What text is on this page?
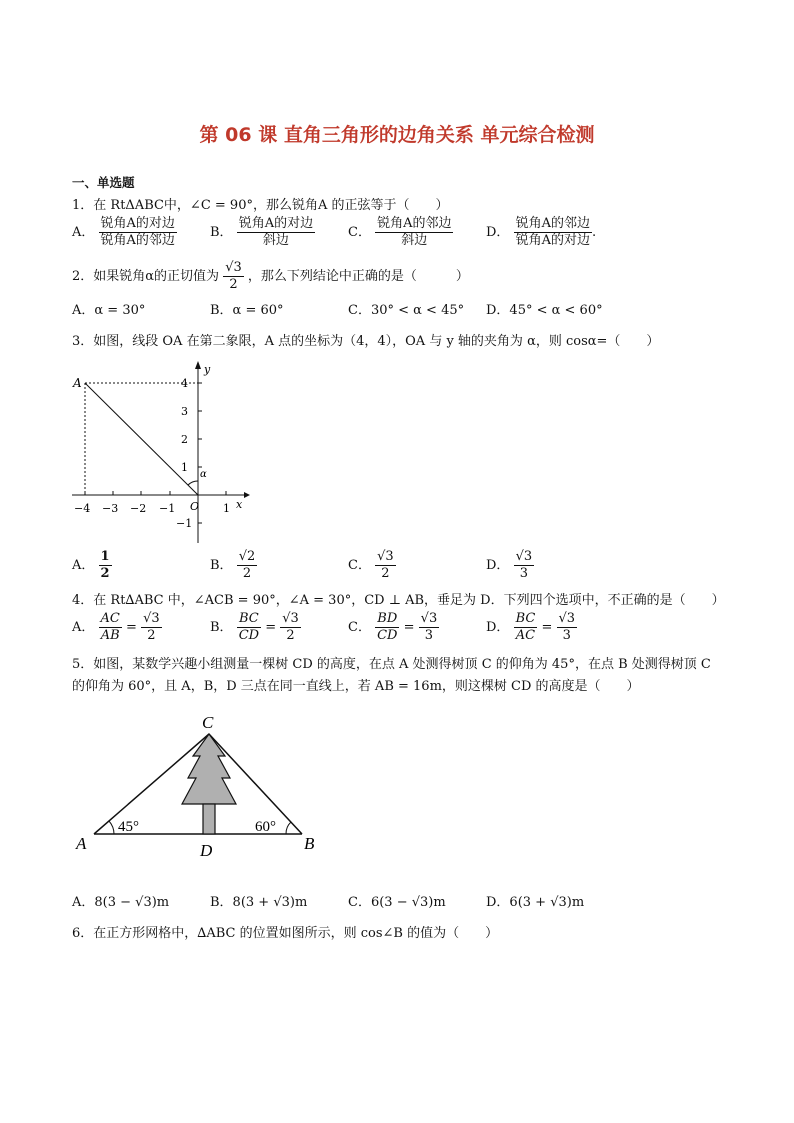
第 06 课 直角三角形的边角关系 单元综合检测
一、单选题
1．在 RtΔABC中，∠C = 90°，那么锐角A 的正弦等于（　　）
A． $\frac{\text{锐角A的对边}}{\text{锐角A的邻边}}$	B． $\frac{\text{锐角A的对边}}{\text{斜边}}$	C． $\frac{\text{锐角A的邻边}}{\text{斜边}}$	D． $\frac{\text{锐角A的邻边}}{\text{锐角A的对边}}$ .
2．如果锐角α的正切值为 $\frac{√3}{2}$ ，那么下列结论中正确的是（　　　）
A．α = 30°	B．α = 60°	C．30° < α < 45° D．45° < α < 60°
3．如图，线段 OA 在第二象限，A 点的坐标为（4，4），OA 与 y 轴的夹角为 α，则 cosα=（　　）
A
O	x
y
α
−4 −3 −2 −1	1
4
3
2
1
−1
A． $\frac{1}{2}$	B． $\frac{√2}{2}$	C． $\frac{√3}{2}$	D． $\frac{√3}{3}$
4．在 Rt∆ABC 中，∠ACB = 90°，∠A = 30°，CD ⊥ AB，垂足为 D．下列四个选项中，不正确的是（　　）
A． $\frac{AC}{AB} = \frac{√3}{2}$	B． $\frac{BC}{CD} = \frac{√3}{2}$	C． $\frac{BD}{CD} = \frac{√3}{3}$	D． $\frac{BC}{AC} = \frac{√3}{3}$
5．如图，某数学兴趣小组测量一棵树 CD 的高度，在点 A 处测得树顶 C 的仰角为 45°，在点 B 处测得树顶 C
的仰角为 60°，且 A，B，D 三点在同一直线上，若 AB = 16m，则这棵树 CD 的高度是（　　）
C
A	B
D
45°	60°
A．8(3 − √3)m	B．8(3 + √3)m	C．6(3 − √3)m	D．6(3 + √3)m
6．在正方形网格中，∆ABC 的位置如图所示，则 cos∠B 的值为（　　）
